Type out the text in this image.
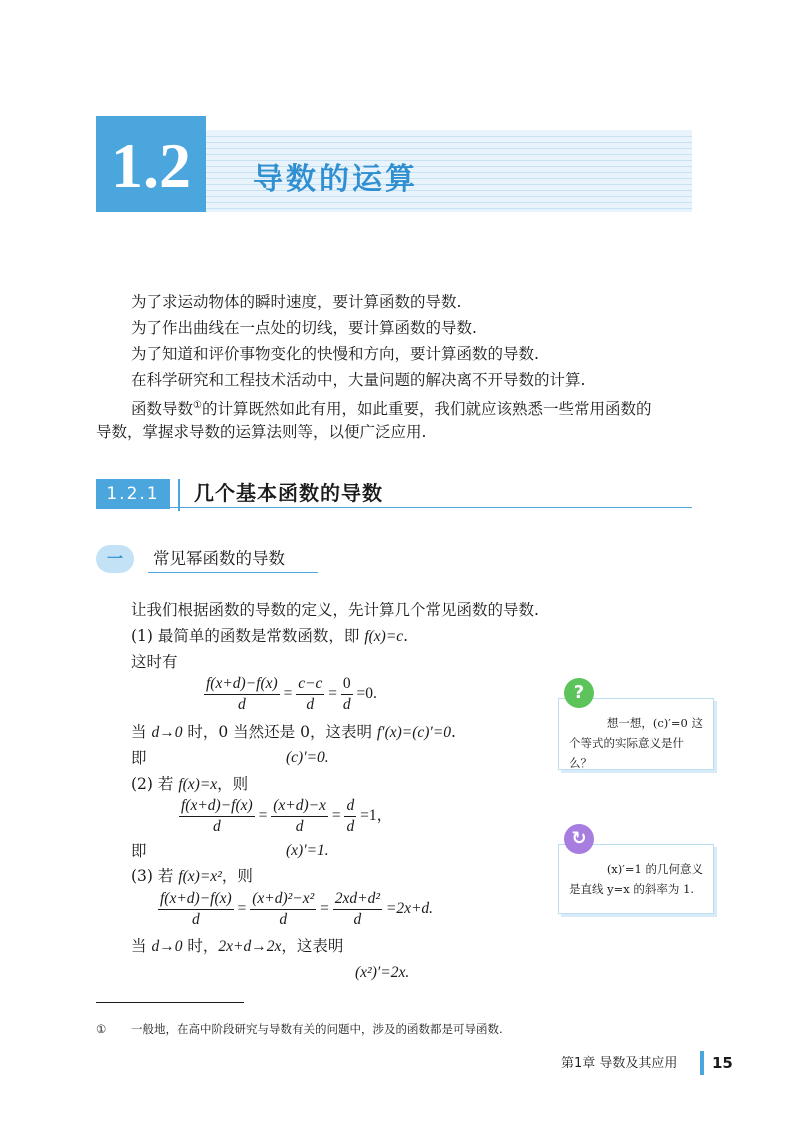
1.2	导数的运算
为了求运动物体的瞬时速度，要计算函数的导数.
为了作出曲线在一点处的切线，要计算函数的导数.
为了知道和评价事物变化的快慢和方向，要计算函数的导数.
在科学研究和工程技术活动中，大量问题的解决离不开导数的计算.
函数导数①的计算既然如此有用，如此重要，我们就应该熟悉一些常用函数的
导数，掌握求导数的运算法则等，以便广泛应用.
1.2.1	几个基本函数的导数
一	常见幂函数的导数
让我们根据函数的导数的定义，先计算几个常见函数的导数.
(1) 最简单的函数是常数函数，即 f(x)=c.
这时有
$\frac{f(x+d)-f(x)}{d} = \frac{c-c}{d} = \frac{0}{d} =0$.
当 d→0 时，0 当然还是 0，这表明 f′(x)=(c)′=0.
即	(c)′=0.
(2) 若 f(x)=x，则
$\frac{f(x+d)-f(x)}{d} = \frac{(x+d)-x}{d} = \frac{d}{d} =1$，
即	(x)′=1.
(3) 若 f(x)=x²，则
$\frac{f(x+d)-f(x)}{d} = \frac{\text{(x+d)²−x²}}{d} = \frac{\text{2xd+d²}}{d} =2x+d$.
当 d→0 时，2x+d→2x，这表明
(x²)′=2x.
想一想，(c)′=0 这
个等式的实际意义是什么？
?
(x)′=1 的几何意义
是直线 y=x 的斜率为 1.
↻
① 一般地，在高中阶段研究与导数有关的问题中，涉及的函数都是可导函数.
第1章 导数及其应用 15
